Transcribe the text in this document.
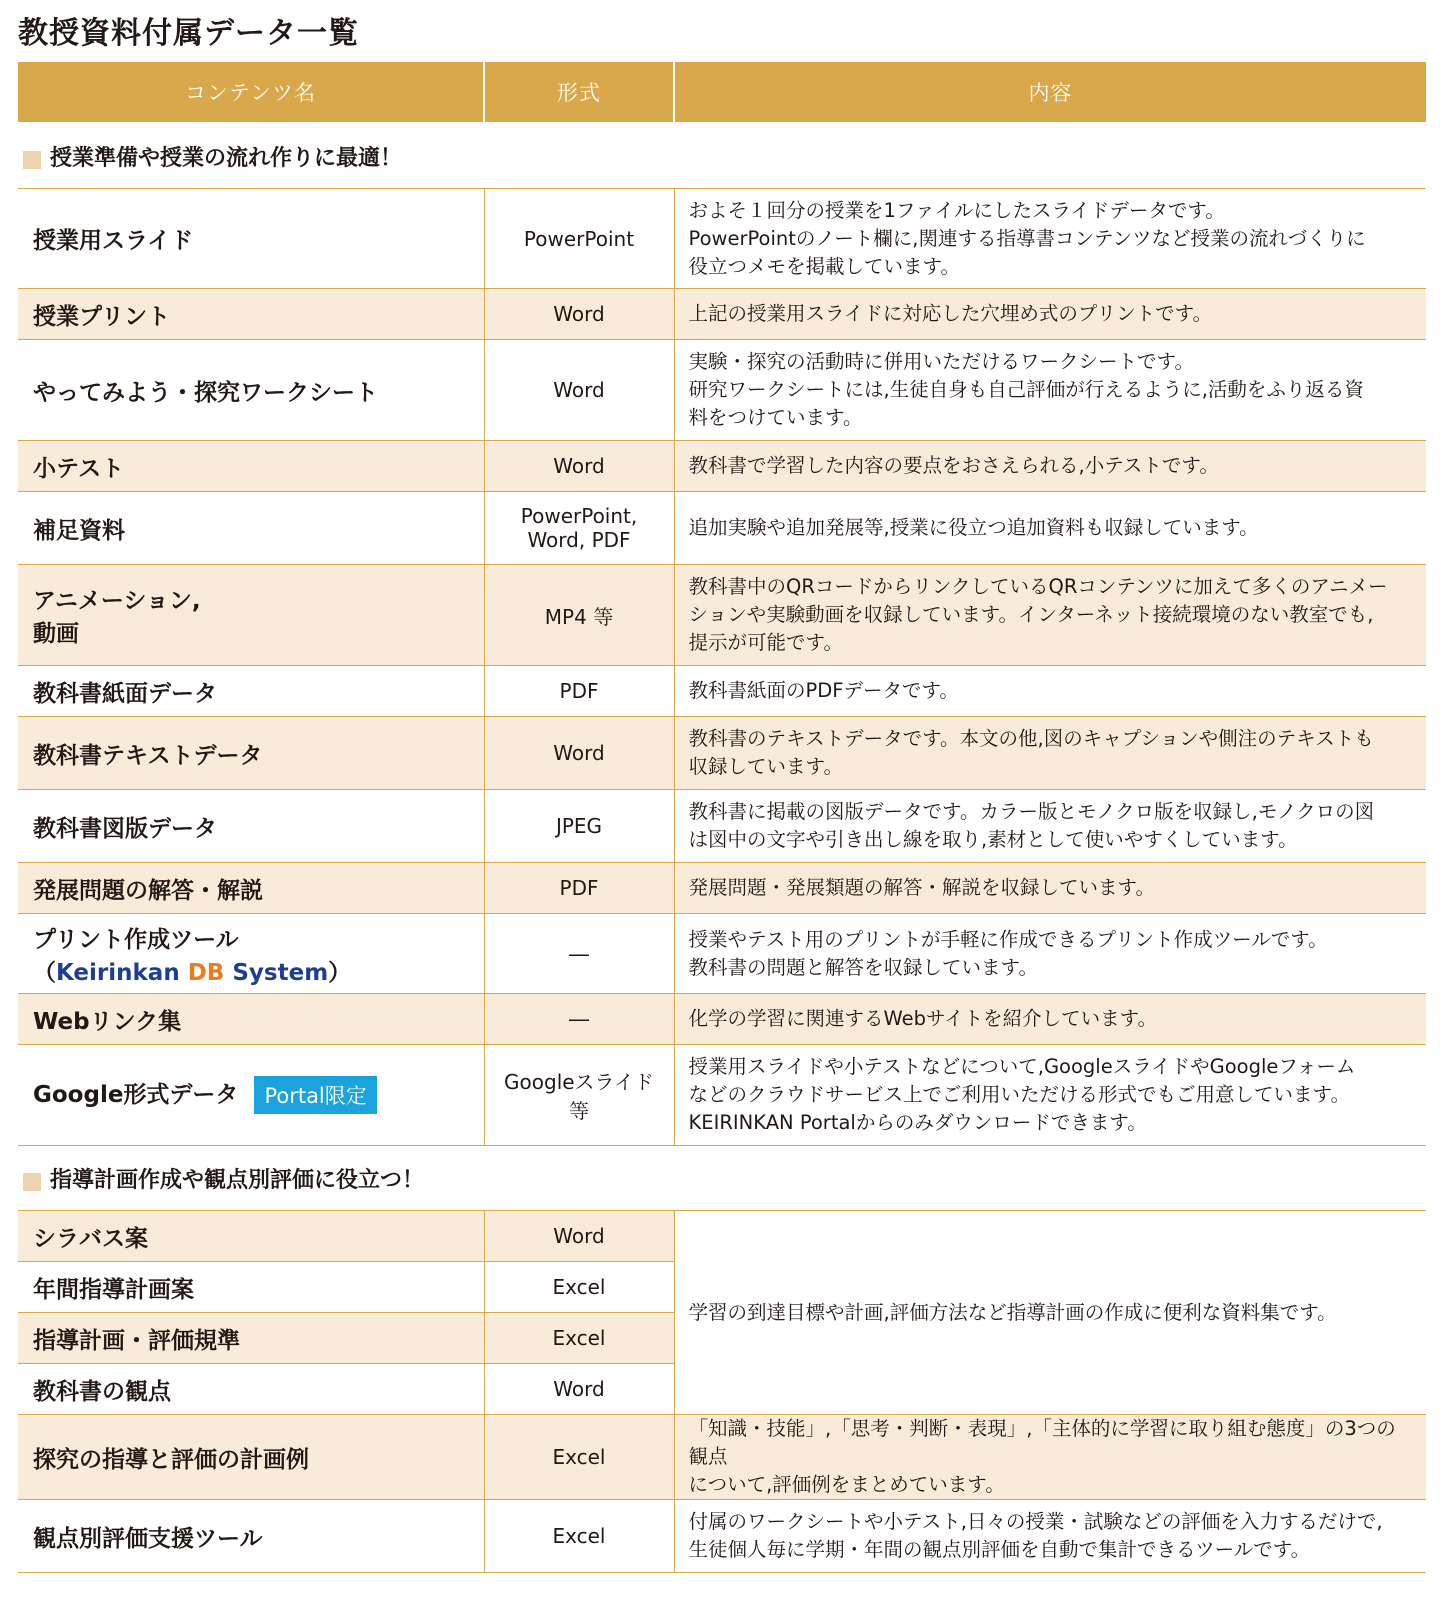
教授資料付属データ一覧
コンテンツ名	形式	内容
授業準備や授業の流れ作りに最適！
授業用スライド	PowerPoint	およそ１回分の授業を1ファイルにしたスライドデータです。
PowerPointのノート欄に,関連する指導書コンテンツなど授業の流れづくりに
役立つメモを掲載しています。

授業プリント	Word	上記の授業用スライドに対応した穴埋め式のプリントです。

やってみよう・探究ワークシート	Word	実験・探究の活動時に併用いただけるワークシートです。
研究ワークシートには,生徒自身も自己評価が行えるように,活動をふり返る資
料をつけています。

小テスト	Word	教科書で学習した内容の要点をおさえられる,小テストです。

補足資料	PowerPoint,
Word, PDF	追加実験や追加発展等,授業に役立つ追加資料も収録しています。

アニメーション,
動画	MP4 等	教科書中のQRコードからリンクしているQRコンテンツに加えて多くのアニメー
ションや実験動画を収録しています。インターネット接続環境のない教室でも,
提示が可能です。

教科書紙面データ	PDF	教科書紙面のPDFデータです。

教科書テキストデータ	Word	教科書のテキストデータです。本文の他,図のキャプションや側注のテキストも
収録しています。

教科書図版データ	JPEG	教科書に掲載の図版データです。カラー版とモノクロ版を収録し,モノクロの図
は図中の文字や引き出し線を取り,素材として使いやすくしています。

発展問題の解答・解説	PDF	発展問題・発展類題の解答・解説を収録しています。

プリント作成ツール
（Keirinkan DB System）	―	授業やテスト用のプリントが手軽に作成できるプリント作成ツールです。
教科書の問題と解答を収録しています。

Webリンク集	―	化学の学習に関連するWebサイトを紹介しています。

Google形式データ Portal限定	Googleスライド
等	授業用スライドや小テストなどについて,GoogleスライドやGoogleフォーム
などのクラウドサービス上でご利用いただける形式でもご用意しています。
KEIRINKAN Portalからのみダウンロードできます。
指導計画作成や観点別評価に役立つ！
シラバス案	Word	学習の到達目標や計画,評価方法など指導計画の作成に便利な資料集です。
年間指導計画案	Excel	
指導計画・評価規準	Excel	
教科書の観点	Word	
探究の指導と評価の計画例	Excel	「知識・技能」,「思考・判断・表現」,「主体的に学習に取り組む態度」の3つの観点
について,評価例をまとめています。

観点別評価支援ツール	Excel	付属のワークシートや小テスト,日々の授業・試験などの評価を入力するだけで,
生徒個人毎に学期・年間の観点別評価を自動で集計できるツールです。
